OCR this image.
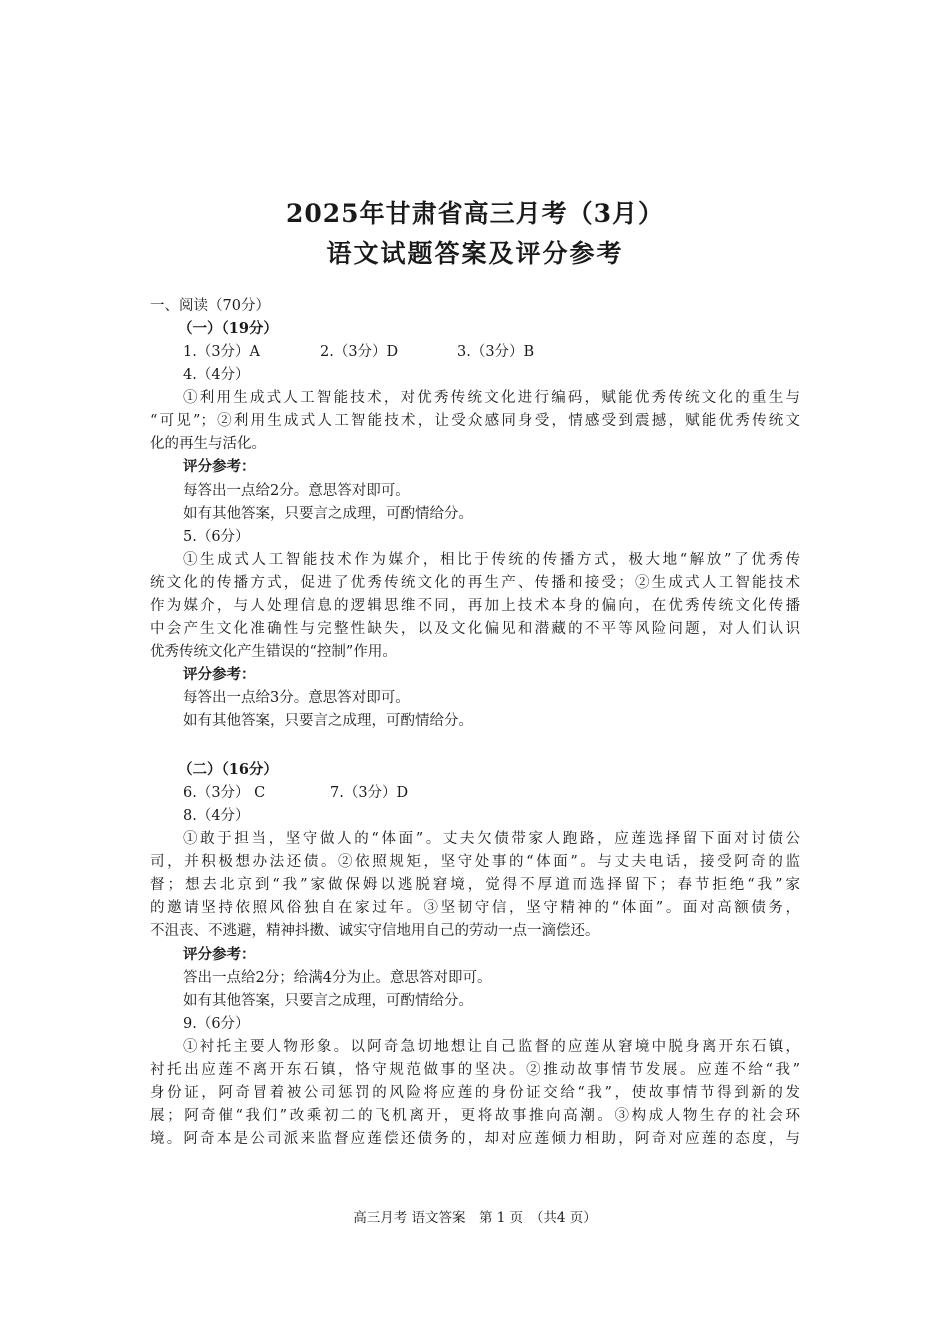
2025年甘肃省高三月考（3月）
语文试题答案及评分参考
一、阅读（70分）
（一）（19分）
1.（3分）A	2.（3分）D	3.（3分）B
4.（4分）
①利用生成式人工智能技术，对优秀传统文化进行编码，赋能优秀传统文化的重生与
“可见”；②利用生成式人工智能技术，让受众感同身受，情感受到震撼，赋能优秀传统文
化的再生与活化。
评分参考：
每答出一点给2分。意思答对即可。
如有其他答案，只要言之成理，可酌情给分。
5.（6分）
①生成式人工智能技术作为媒介，相比于传统的传播方式，极大地“解放”了优秀传
统文化的传播方式，促进了优秀传统文化的再生产、传播和接受；②生成式人工智能技术
作为媒介，与人处理信息的逻辑思维不同，再加上技术本身的偏向，在优秀传统文化传播
中会产生文化准确性与完整性缺失，以及文化偏见和潜藏的不平等风险问题，对人们认识
优秀传统文化产生错误的“控制”作用。
评分参考：
每答出一点给3分。意思答对即可。
如有其他答案，只要言之成理，可酌情给分。
（二）（16分）
6.（3分） C	7.（3分）D
8.（4分）
①敢于担当，坚守做人的“体面”。丈夫欠债带家人跑路，应莲选择留下面对讨债公
司，并积极想办法还债。②依照规矩，坚守处事的“体面”。与丈夫电话，接受阿奇的监
督；想去北京到“我”家做保姆以逃脱窘境，觉得不厚道而选择留下；春节拒绝“我”家
的邀请坚持依照风俗独自在家过年。③坚韧守信，坚守精神的“体面”。面对高额债务，
不沮丧、不逃避，精神抖擞、诚实守信地用自己的劳动一点一滴偿还。
评分参考：
答出一点给2分；给满4分为止。意思答对即可。
如有其他答案，只要言之成理，可酌情给分。
9.（6分）
①衬托主要人物形象。以阿奇急切地想让自己监督的应莲从窘境中脱身离开东石镇，
衬托出应莲不离开东石镇，恪守规范做事的坚决。②推动故事情节发展。应莲不给“我”
身份证，阿奇冒着被公司惩罚的风险将应莲的身份证交给“我”，使故事情节得到新的发
展；阿奇催“我们”改乘初二的飞机离开，更将故事推向高潮。③构成人物生存的社会环
境。阿奇本是公司派来监督应莲偿还债务的，却对应莲倾力相助，阿奇对应莲的态度，与
高三月考 语文答案　第 1 页　（共4 页）
